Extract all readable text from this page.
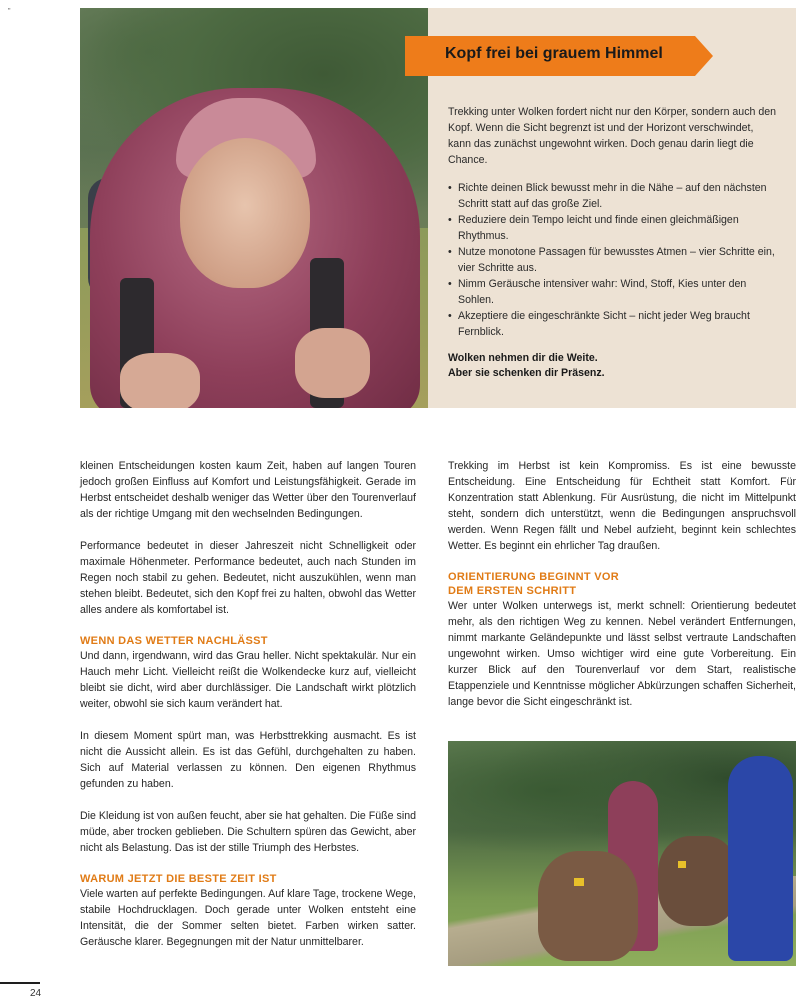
"
Kopf frei bei grauem Himmel

Trekking unter Wolken fordert nicht nur den Körper, sondern auch den Kopf. Wenn die Sicht begrenzt ist und der Horizont verschwindet, kann das zunächst ungewohnt wirken. Doch genau darin liegt die Chance.

• Richte deinen Blick bewusst mehr in die Nähe – auf den nächsten Schritt statt auf das große Ziel.
• Reduziere dein Tempo leicht und finde einen gleichmäßigen Rhythmus.
• Nutze monotone Passagen für bewusstes Atmen – vier Schritte ein, vier Schritte aus.
• Nimm Geräusche intensiver wahr: Wind, Stoff, Kies unter den Sohlen.
• Akzeptiere die eingeschränkte Sicht – nicht jeder Weg braucht Fernblick.

Wolken nehmen dir die Weite.
Aber sie schenken dir Präsenz.

kleinen Entscheidungen kosten kaum Zeit, haben auf langen Touren jedoch großen Einfluss auf Komfort und Leistungsfähigkeit. Gerade im Herbst entscheidet deshalb weniger das Wetter über den Tourenverlauf als der richtige Umgang mit den wechselnden Bedingungen.

Performance bedeutet in dieser Jahreszeit nicht Schnelligkeit oder maximale Höhenmeter. Performance bedeutet, auch nach Stunden im Regen noch stabil zu gehen. Bedeutet, nicht auszukühlen, wenn man stehen bleibt. Bedeutet, sich den Kopf frei zu halten, obwohl das Wetter alles andere als komfortabel ist.

WENN DAS WETTER NACHLÄSST

Und dann, irgendwann, wird das Grau heller. Nicht spektakulär. Nur ein Hauch mehr Licht. Vielleicht reißt die Wolkendecke kurz auf, vielleicht bleibt sie dicht, wird aber durchlässiger. Die Landschaft wirkt plötzlich weiter, obwohl sie sich kaum verändert hat.

In diesem Moment spürt man, was Herbsttrekking ausmacht. Es ist nicht die Aussicht allein. Es ist das Gefühl, durchgehalten zu haben. Sich auf Material verlassen zu können. Den eigenen Rhythmus gefunden zu haben.

Die Kleidung ist von außen feucht, aber sie hat gehalten. Die Füße sind müde, aber trocken geblieben. Die Schultern spüren das Gewicht, aber nicht als Belastung. Das ist der stille Triumph des Herbstes.

WARUM JETZT DIE BESTE ZEIT IST

Viele warten auf perfekte Bedingungen. Auf klare Tage, trockene Wege, stabile Hochdrucklagen. Doch gerade unter Wolken entsteht eine Intensität, die der Sommer selten bietet. Farben wirken satter. Geräusche klarer. Begegnungen mit der Natur unmittelbarer.

Trekking im Herbst ist kein Kompromiss. Es ist eine bewusste Entscheidung. Eine Entscheidung für Echtheit statt Komfort. Für Konzentration statt Ablenkung. Für Ausrüstung, die nicht im Mittelpunkt steht, sondern dich unterstützt, wenn die Bedingungen anspruchsvoll werden. Wenn Regen fällt und Nebel aufzieht, beginnt kein schlechtes Wetter. Es beginnt ein ehrlicher Tag draußen.

ORIENTIERUNG BEGINNT VOR
DEM ERSTEN SCHRITT

Wer unter Wolken unterwegs ist, merkt schnell: Orientierung bedeutet mehr, als den richtigen Weg zu kennen. Nebel verändert Entfernungen, nimmt markante Geländepunkte und lässt selbst vertraute Landschaften ungewohnt wirken. Umso wichtiger wird eine gute Vorbereitung. Ein kurzer Blick auf den Tourenverlauf vor dem Start, realistische Etappenziele und Kenntnisse möglicher Abkürzungen schaffen Sicherheit, lange bevor die Sicht eingeschränkt ist.

24
